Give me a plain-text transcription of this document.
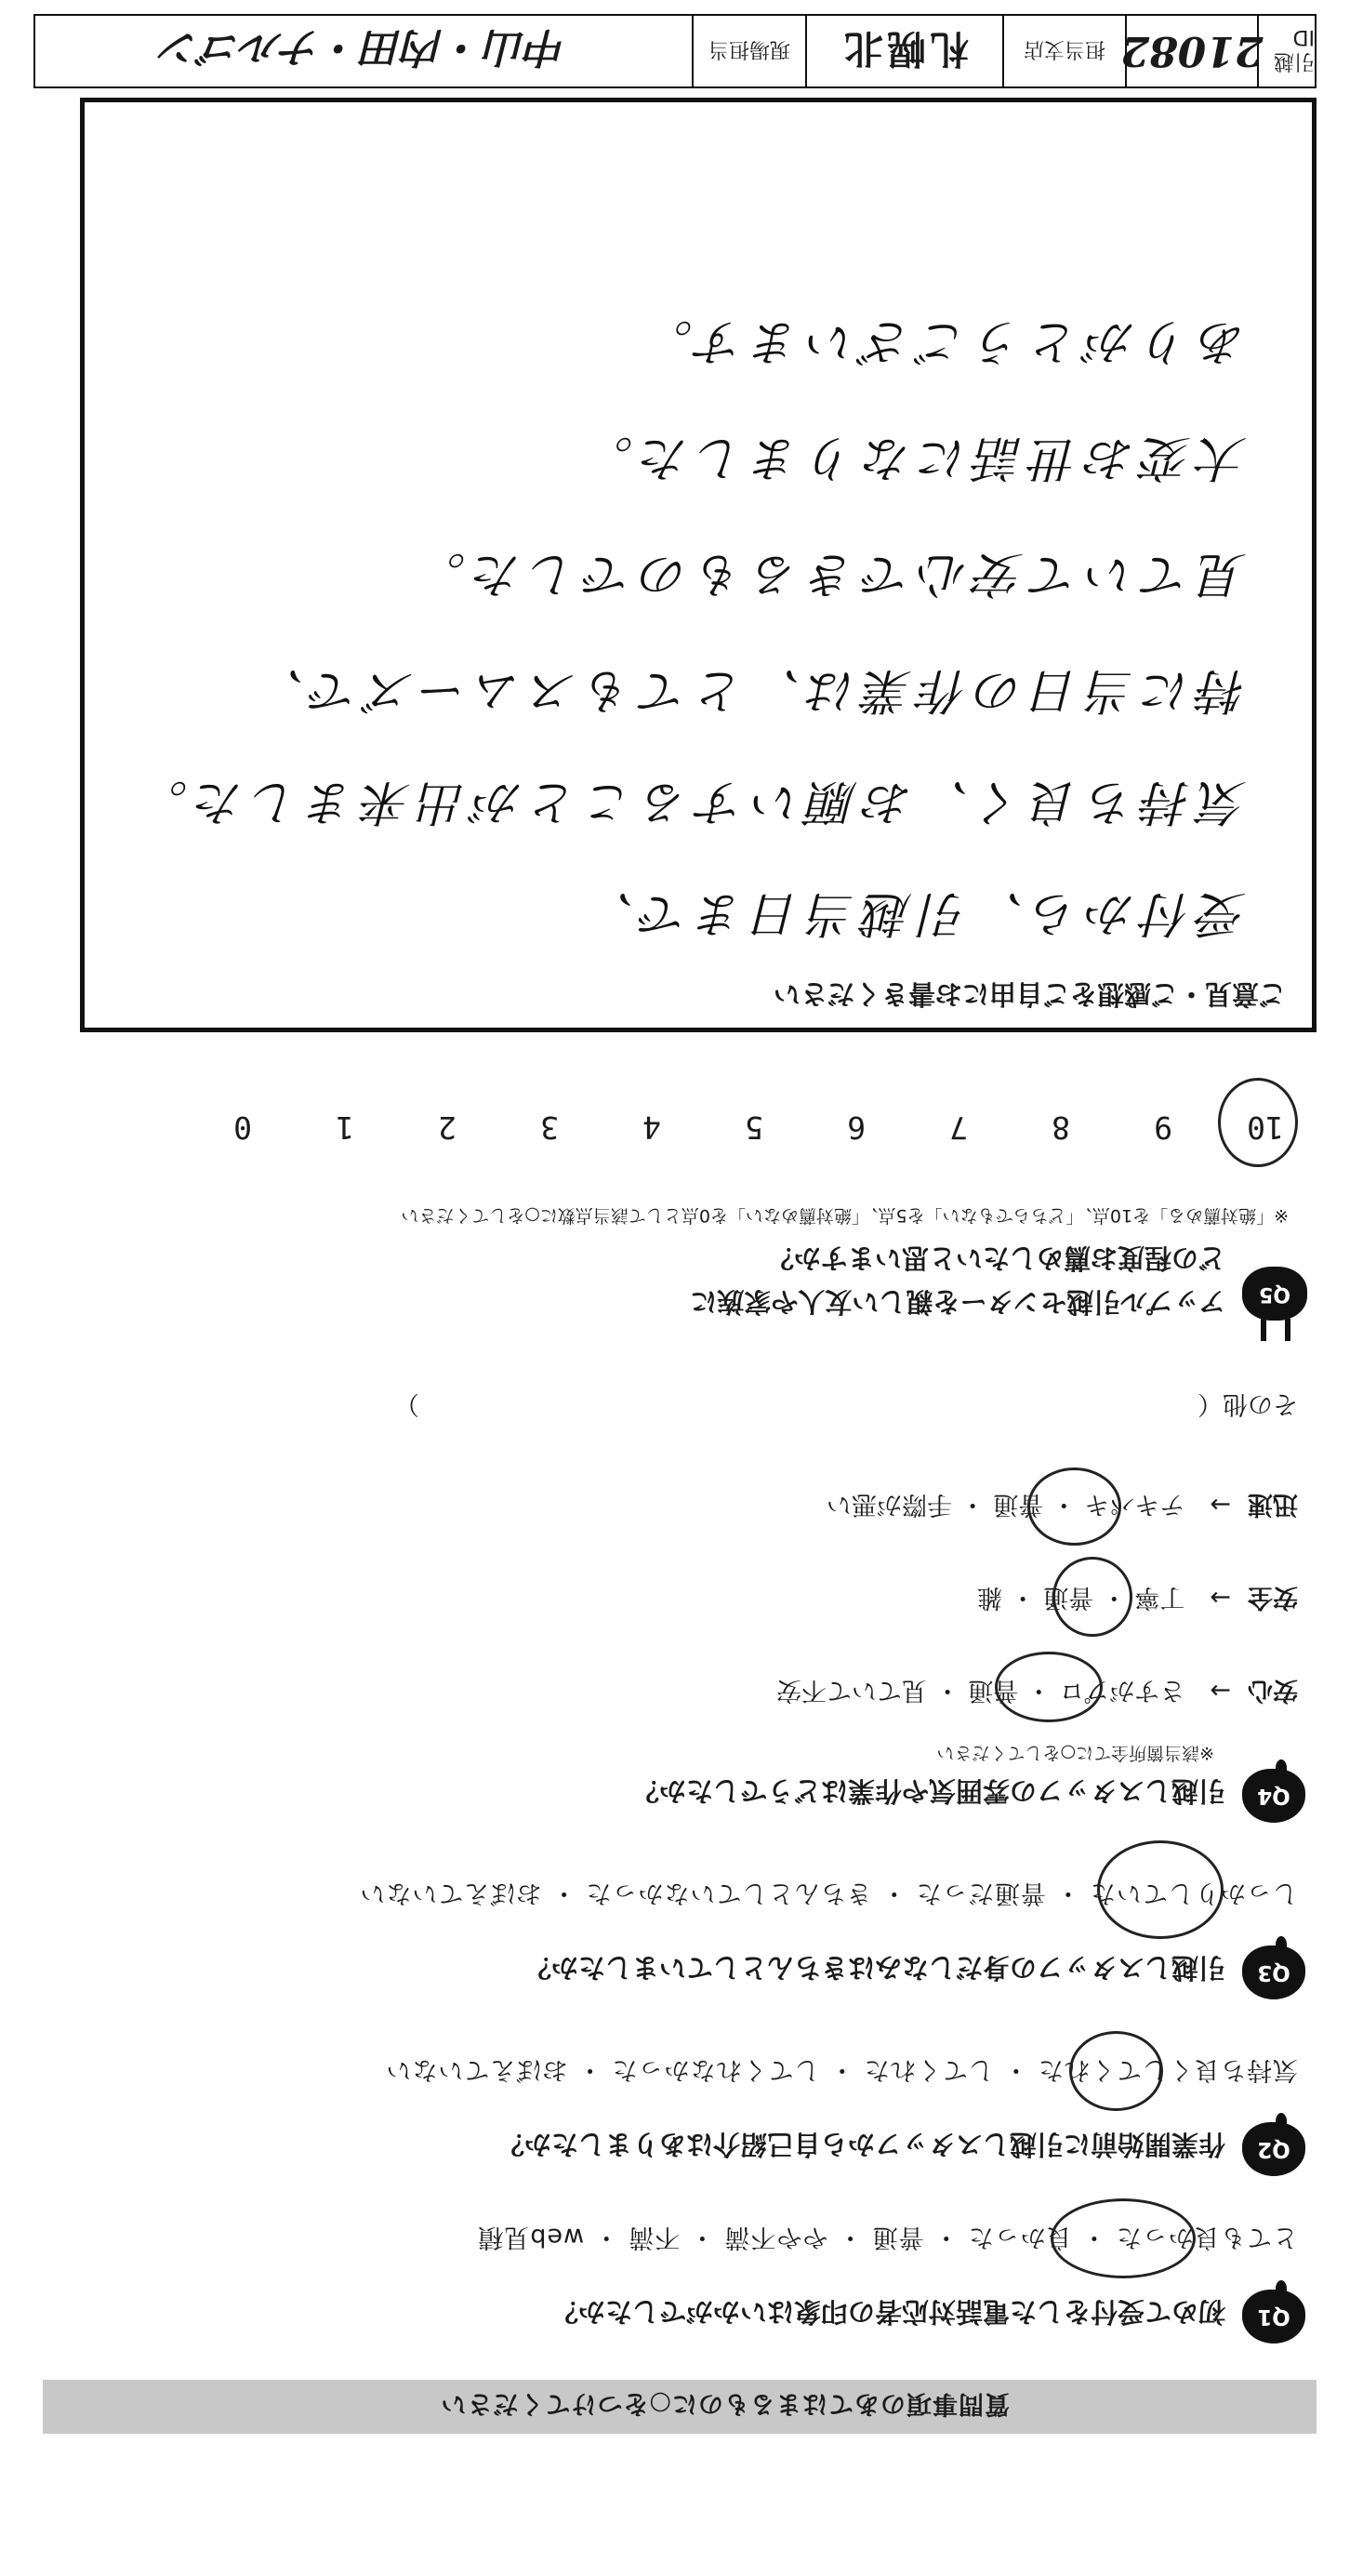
質問事項のあてはまるものに○をつけてください
Q1
初めて受付をした電話対応者の印象はいかがでしたか？
とても良かった ・ 良かった ・ 普通 ・ やや不満 ・ 不満 ・ web見積
Q2
作業開始前に引越しスタッフから自己紹介はありましたか？
気持ち良くしてくれた ・ してくれた ・ してくれなかった ・ おぼえていない
Q3
引越しスタッフの身だしなみはきちんとしていましたか？
しっかりしていた ・ 普通だった ・ きちんとしていなかった ・ おぼえていない
Q4
引越しスタッフの雰囲気や作業はどうでしたか？
※該当箇所全てに○をしてください
安心→　さすがプロ ・ 普通 ・ 見ていて不安
安全→　丁寧 ・ 普通 ・ 雑
迅速→　テキパキ ・ 普通 ・ 手際が悪い
その他（　　　　　　　　　　　　　　　　　　　　　　　　　　　　　　　）
Q5
アップル引越センターを親しい友人や家族に
どの程度お薦めしたいと思いますか？
※「絶対薦める」を10点、「どちらでもない」を5点、「絶対薦めない」を0点として該当点数に○をしてください
10
9
8
7
6
5
4
3
2
1
0
ご意見・ご感想をご自由にお書きください
受付から、引越当日まで、
気持ち良く、お願いすることが出来ました。
特に当日の作業は、とてもスムーズで、
見ていて安心できるものでした。
大変お世話になりました。
ありがとうございます。
引越ID
21082
担当支店
札幌北
現場担当
中山・内田・ナルゴン
